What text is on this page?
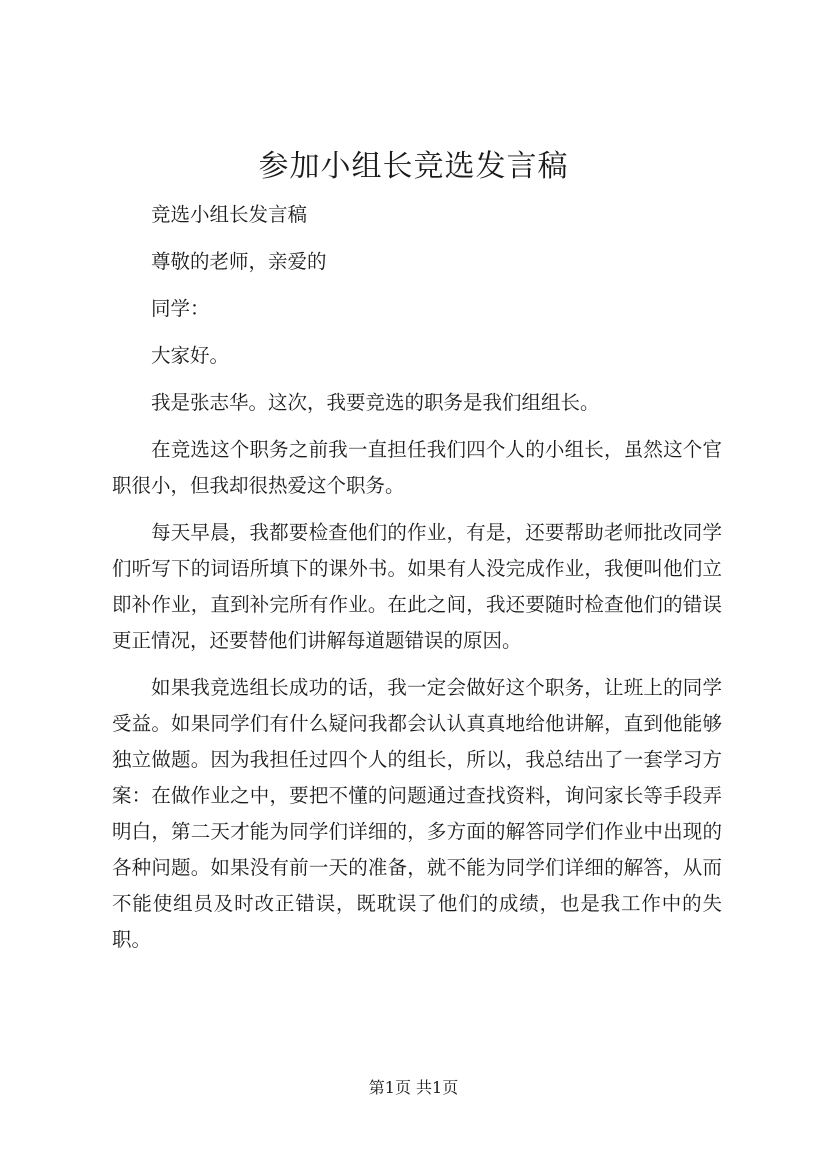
参加小组长竞选发言稿

竞选小组长发言稿

尊敬的老师，亲爱的

同学：

大家好。

我是张志华。这次，我要竞选的职务是我们组组长。

在竞选这个职务之前我一直担任我们四个人的小组长，虽然这个官职很小，但我却很热爱这个职务。

每天早晨，我都要检查他们的作业，有是，还要帮助老师批改同学们听写下的词语所填下的课外书。如果有人没完成作业，我便叫他们立即补作业，直到补完所有作业。在此之间，我还要随时检查他们的错误更正情况，还要替他们讲解每道题错误的原因。

如果我竞选组长成功的话，我一定会做好这个职务，让班上的同学受益。如果同学们有什么疑问我都会认认真真地给他讲解，直到他能够独立做题。因为我担任过四个人的组长，所以，我总结出了一套学习方案：在做作业之中，要把不懂的问题通过查找资料，询问家长等手段弄明白，第二天才能为同学们详细的，多方面的解答同学们作业中出现的各种问题。如果没有前一天的准备，就不能为同学们详细的解答，从而不能使组员及时改正错误，既耽误了他们的成绩，也是我工作中的失职。

第1页 共1页
